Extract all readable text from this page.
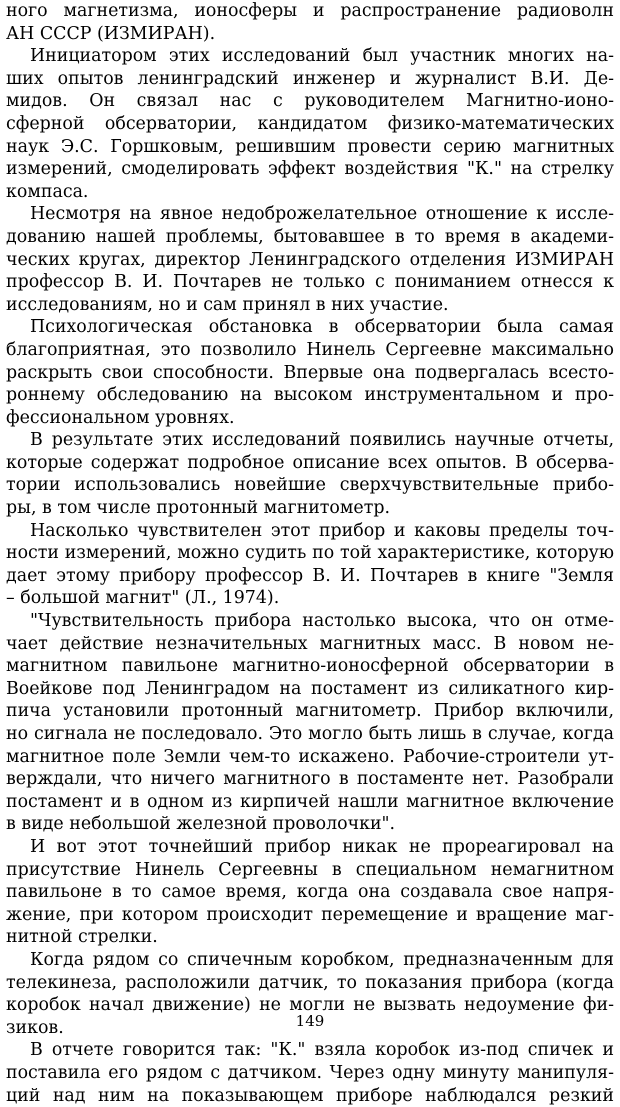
ного магнетизма, ионосферы и распространение радиоволн
АН СССР (ИЗМИРАН).
Инициатором этих исследований был участник многих на-
ших опытов ленинградский инженер и журналист В.И. Де-
мидов. Он связал нас с руководителем Магнитно-ионо-
сферной обсерватории, кандидатом физико-математических
наук Э.С. Горшковым, решившим провести серию магнитных
измерений, смоделировать эффект воздействия "К." на стрелку
компаса.
Несмотря на явное недоброжелательное отношение к иссле-
дованию нашей проблемы, бытовавшее в то время в академи-
ческих кругах, директор Ленинградского отделения ИЗМИРАН
профессор В. И. Почтарев не только с пониманием отнесся к
исследованиям, но и сам принял в них участие.
Психологическая обстановка в обсерватории была самая
благоприятная, это позволило Нинель Сергеевне максимально
раскрыть свои способности. Впервые она подвергалась всесто-
роннему обследованию на высоком инструментальном и про-
фессиональном уровнях.
В результате этих исследований появились научные отчеты,
которые содержат подробное описание всех опытов. В обсерва-
тории использовались новейшие сверхчувствительные прибо-
ры, в том числе протонный магнитометр.
Насколько чувствителен этот прибор и каковы пределы точ-
ности измерений, можно судить по той характеристике, которую
дает этому прибору профессор В. И. Почтарев в книге "Земля
– большой магнит" (Л., 1974).
"Чувствительность прибора настолько высока, что он отме-
чает действие незначительных магнитных масс. В новом не-
магнитном павильоне магнитно-ионосферной обсерватории в
Воейкове под Ленинградом на постамент из силикатного кир-
пича установили протонный магнитометр. Прибор включили,
но сигнала не последовало. Это могло быть лишь в случае, когда
магнитное поле Земли чем-то искажено. Рабочие-строители ут-
верждали, что ничего магнитного в постаменте нет. Разобрали
постамент и в одном из кирпичей нашли магнитное включение
в виде небольшой железной проволочки".
И вот этот точнейший прибор никак не прореагировал на
присутствие Нинель Сергеевны в специальном немагнитном
павильоне в то самое время, когда она создавала свое напря-
жение, при котором происходит перемещение и вращение маг-
нитной стрелки.
Когда рядом со спичечным коробком, предназначенным для
телекинеза, расположили датчик, то показания прибора (когда
коробок начал движение) не могли не вызвать недоумение фи-
зиков.
В отчете говорится так: "К." взяла коробок из-под спичек и
поставила его рядом с датчиком. Через одну минуту манипуля-
ций над ним на показывающем приборе наблюдался резкий
149
